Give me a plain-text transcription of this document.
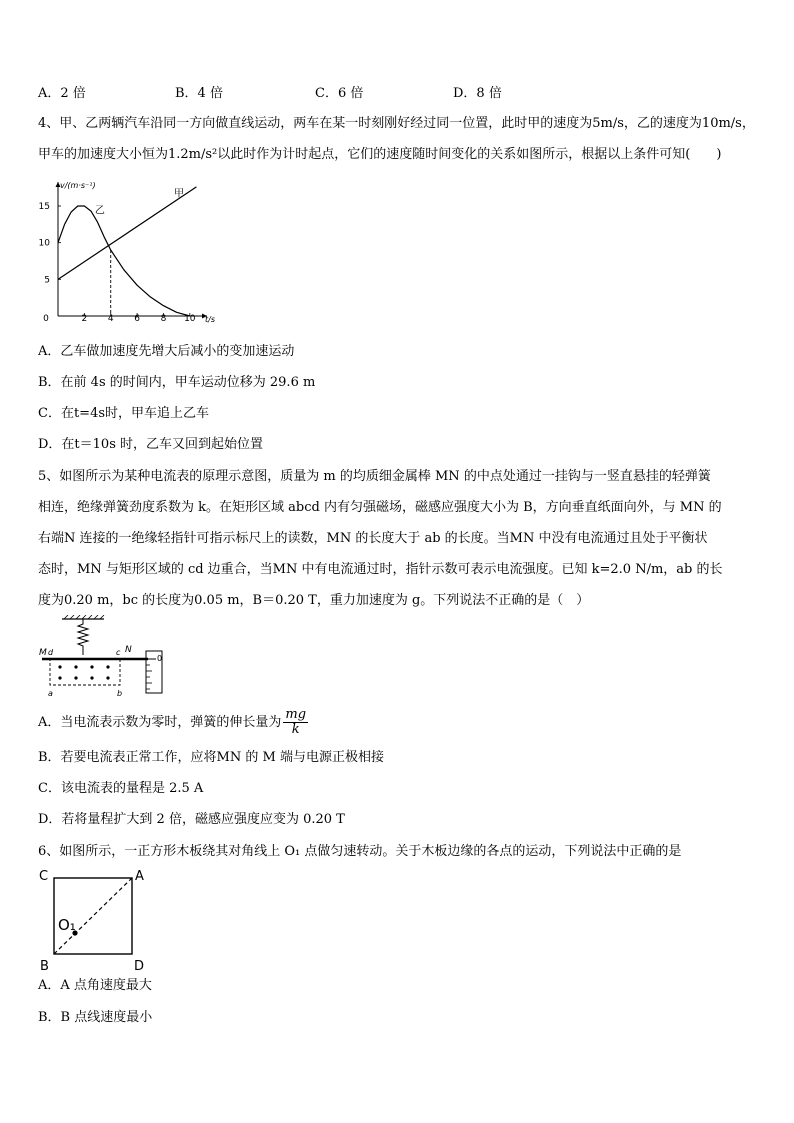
A．2 倍	B．4 倍	C．6 倍	D．8 倍
4、甲、乙两辆汽车沿同一方向做直线运动，两车在某一时刻刚好经过同一位置，此时甲的速度为5m/s，乙的速度为10m/s，
甲车的加速度大小恒为1.2m/s²以此时作为计时起点，它们的速度随时间变化的关系如图所示，根据以上条件可知(　　)
0	2 4 6 8 10
5
10
15
t/s
v/(m·s⁻¹)
甲
乙
A．乙车做加速度先增大后减小的变加速运动
B．在前 4s 的时间内，甲车运动位移为 29.6 m
C．在t=4s时，甲车追上乙车
D．在t＝10s 时，乙车又回到起始位置
5、如图所示为某种电流表的原理示意图，质量为 m 的均质细金属棒 MN 的中点处通过一挂钩与一竖直悬挂的轻弹簧
相连，绝缘弹簧劲度系数为 k。在矩形区域 abcd 内有匀强磁场，磁感应强度大小为 B，方向垂直纸面向外，与 MN 的
右端N 连接的一绝缘轻指针可指示标尺上的读数，MN 的长度大于 ab 的长度。当MN 中没有电流通过且处于平衡状
态时，MN 与矩形区域的 cd 边重合，当MN 中有电流通过时，指针示数可表示电流强度。已知 k=2.0 N/m，ab 的长
度为0.20 m，bc 的长度为0.05 m，B＝0.20 T，重力加速度为 g。下列说法不正确的是（　）
0
M d	c N
a	b
A．当电流表示数为零时，弹簧的伸长量为 $\frac{mg}{k}$
B．若要电流表正常工作，应将MN 的 M 端与电源正极相接
C．该电流表的量程是 2.5 A
D．若将量程扩大到 2 倍，磁感应强度应变为 0.20 T
6、如图所示，一正方形木板绕其对角线上 O₁ 点做匀速转动。关于木板边缘的各点的运动，下列说法中正确的是
C	A
B	D
O₁
A．A 点角速度最大
B．B 点线速度最小
